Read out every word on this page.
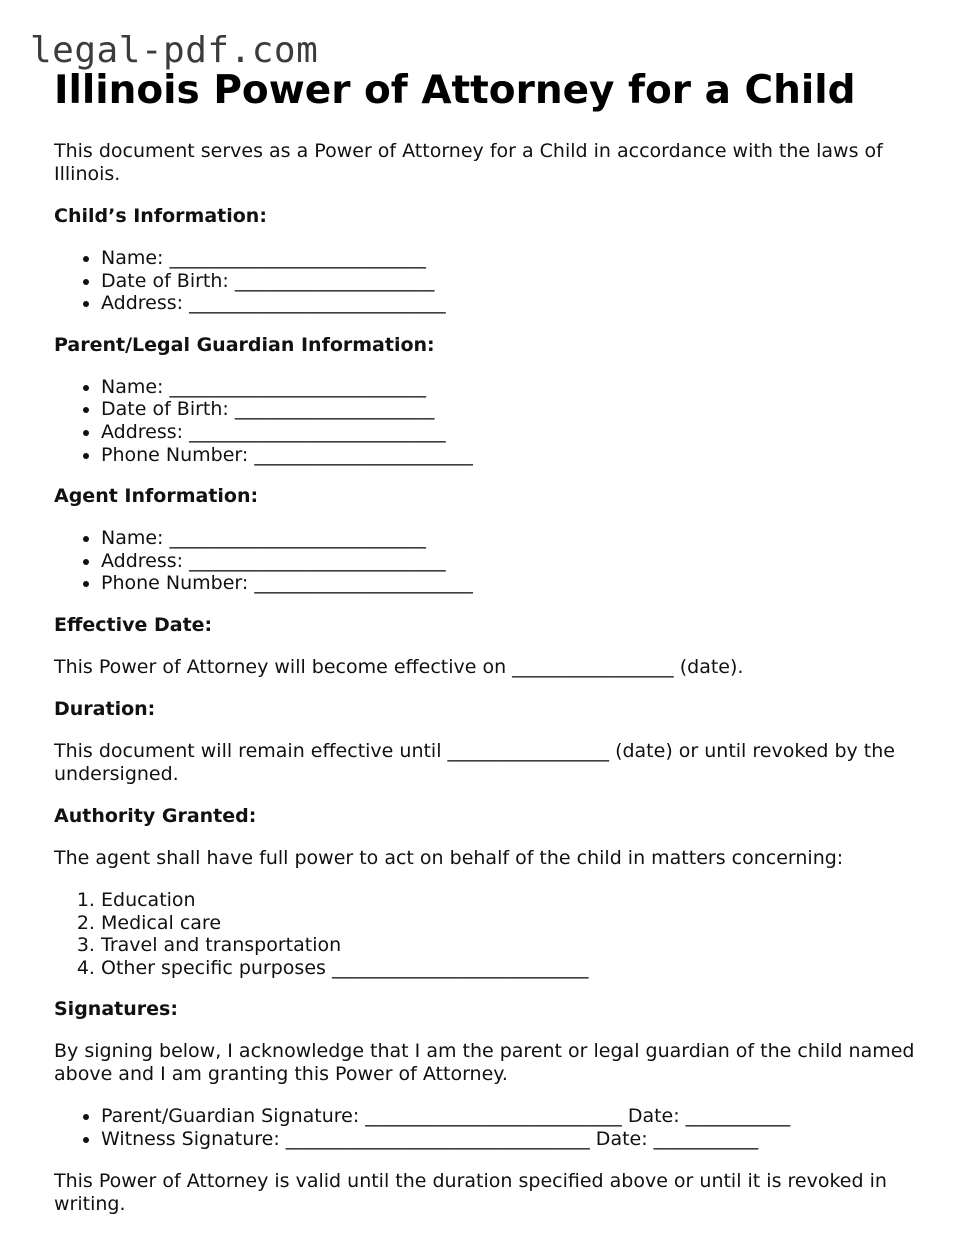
legal-pdf.com
Illinois Power of Attorney for a Child

This document serves as a Power of Attorney for a Child in accordance with the laws of Illinois.

Child’s Information:

• Name: ___________________________
• Date of Birth: _____________________
• Address: ___________________________

Parent/Legal Guardian Information:

• Name: ___________________________
• Date of Birth: _____________________
• Address: ___________________________
• Phone Number: _______________________

Agent Information:

• Name: ___________________________
• Address: ___________________________
• Phone Number: _______________________

Effective Date:

This Power of Attorney will become effective on _________________ (date).

Duration:

This document will remain effective until _________________ (date) or until revoked by the undersigned.

Authority Granted:

The agent shall have full power to act on behalf of the child in matters concerning:

1. Education
2. Medical care
3. Travel and transportation
4. Other specific purposes ___________________________

Signatures:

By signing below, I acknowledge that I am the parent or legal guardian of the child named above and I am granting this Power of Attorney.

• Parent/Guardian Signature: ___________________________ Date: ___________
• Witness Signature: ________________________________ Date: ___________

This Power of Attorney is valid until the duration specified above or until it is revoked in writing.
